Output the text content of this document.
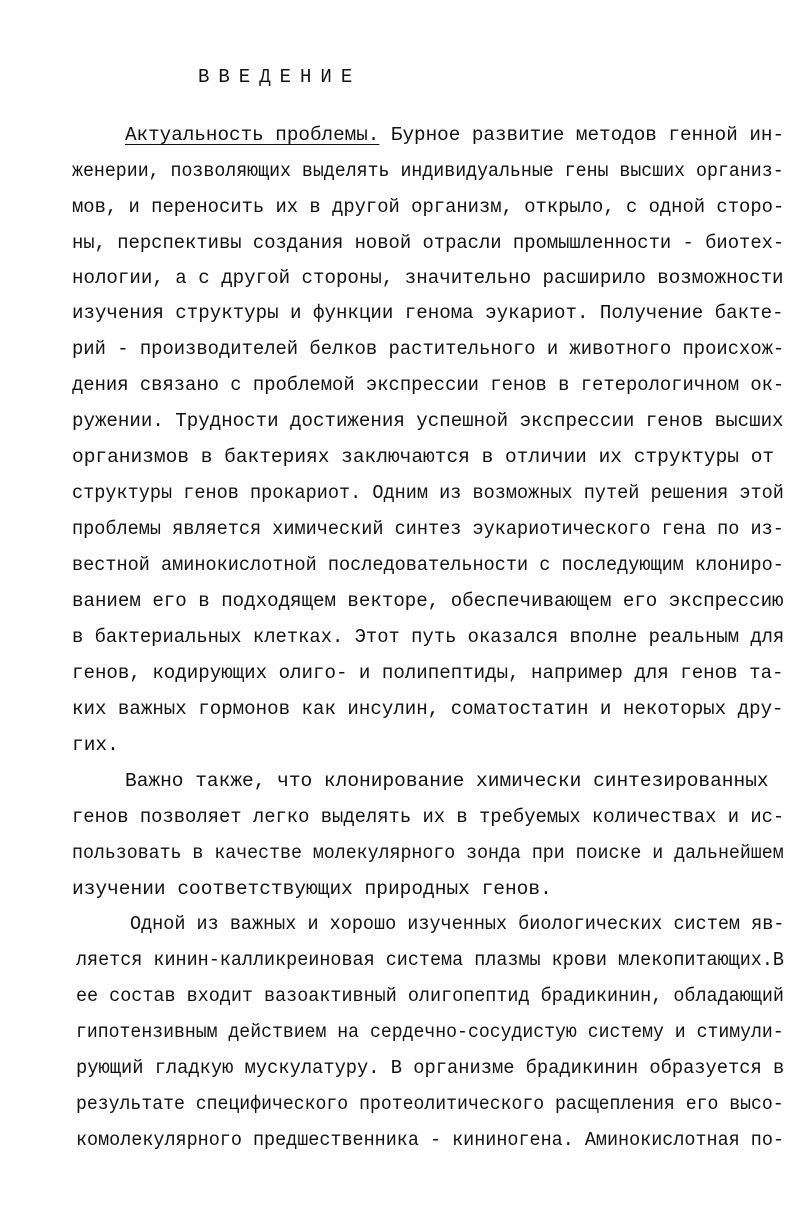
ВВЕДЕНИЕ
Актуальность проблемы. Бурное развитие методов генной ин-
женерии, позволяющих выделять индивидуальные гены высших организ-
мов, и переносить их в другой организм, открыло, с одной сторо-
ны, перспективы создания новой отрасли промышленности - биотех-
нологии, а с другой стороны, значительно расширило возможности
изучения структуры и функции генома эукариот. Получение бакте-
рий - производителей белков растительного и животного происхож-
дения связано с проблемой экспрессии генов в гетерологичном ок-
ружении. Трудности достижения успешной экспрессии генов высших
организмов в бактериях заключаются в отличии их структуры от
структуры генов прокариот. Одним из возможных путей решения этой
проблемы является химический синтез эукариотического гена по из-
вестной аминокислотной последовательности с последующим клониро-
ванием его в подходящем векторе, обеспечивающем его экспрессию
в бактериальных клетках. Этот путь оказался вполне реальным для
генов, кодирующих олиго- и полипептиды, например для генов та-
ких важных гормонов как инсулин, соматостатин и некоторых дру-
гих.
Важно также, что клонирование химически синтезированных
генов позволяет легко выделять их в требуемых количествах и ис-
пользовать в качестве молекулярного зонда при поиске и дальнейшем
изучении соответствующих природных генов.
Одной из важных и хорошо изученных биологических систем яв-
ляется кинин-калликреиновая система плазмы крови млекопитающих.В
ее состав входит вазоактивный олигопептид брадикинин, обладающий
гипотензивным действием на сердечно-сосудистую систему и стимули-
рующий гладкую мускулатуру. В организме брадикинин образуется в
результате специфического протеолитического расщепления его высо-
комолекулярного предшественника - кининогена. Аминокислотная по-
